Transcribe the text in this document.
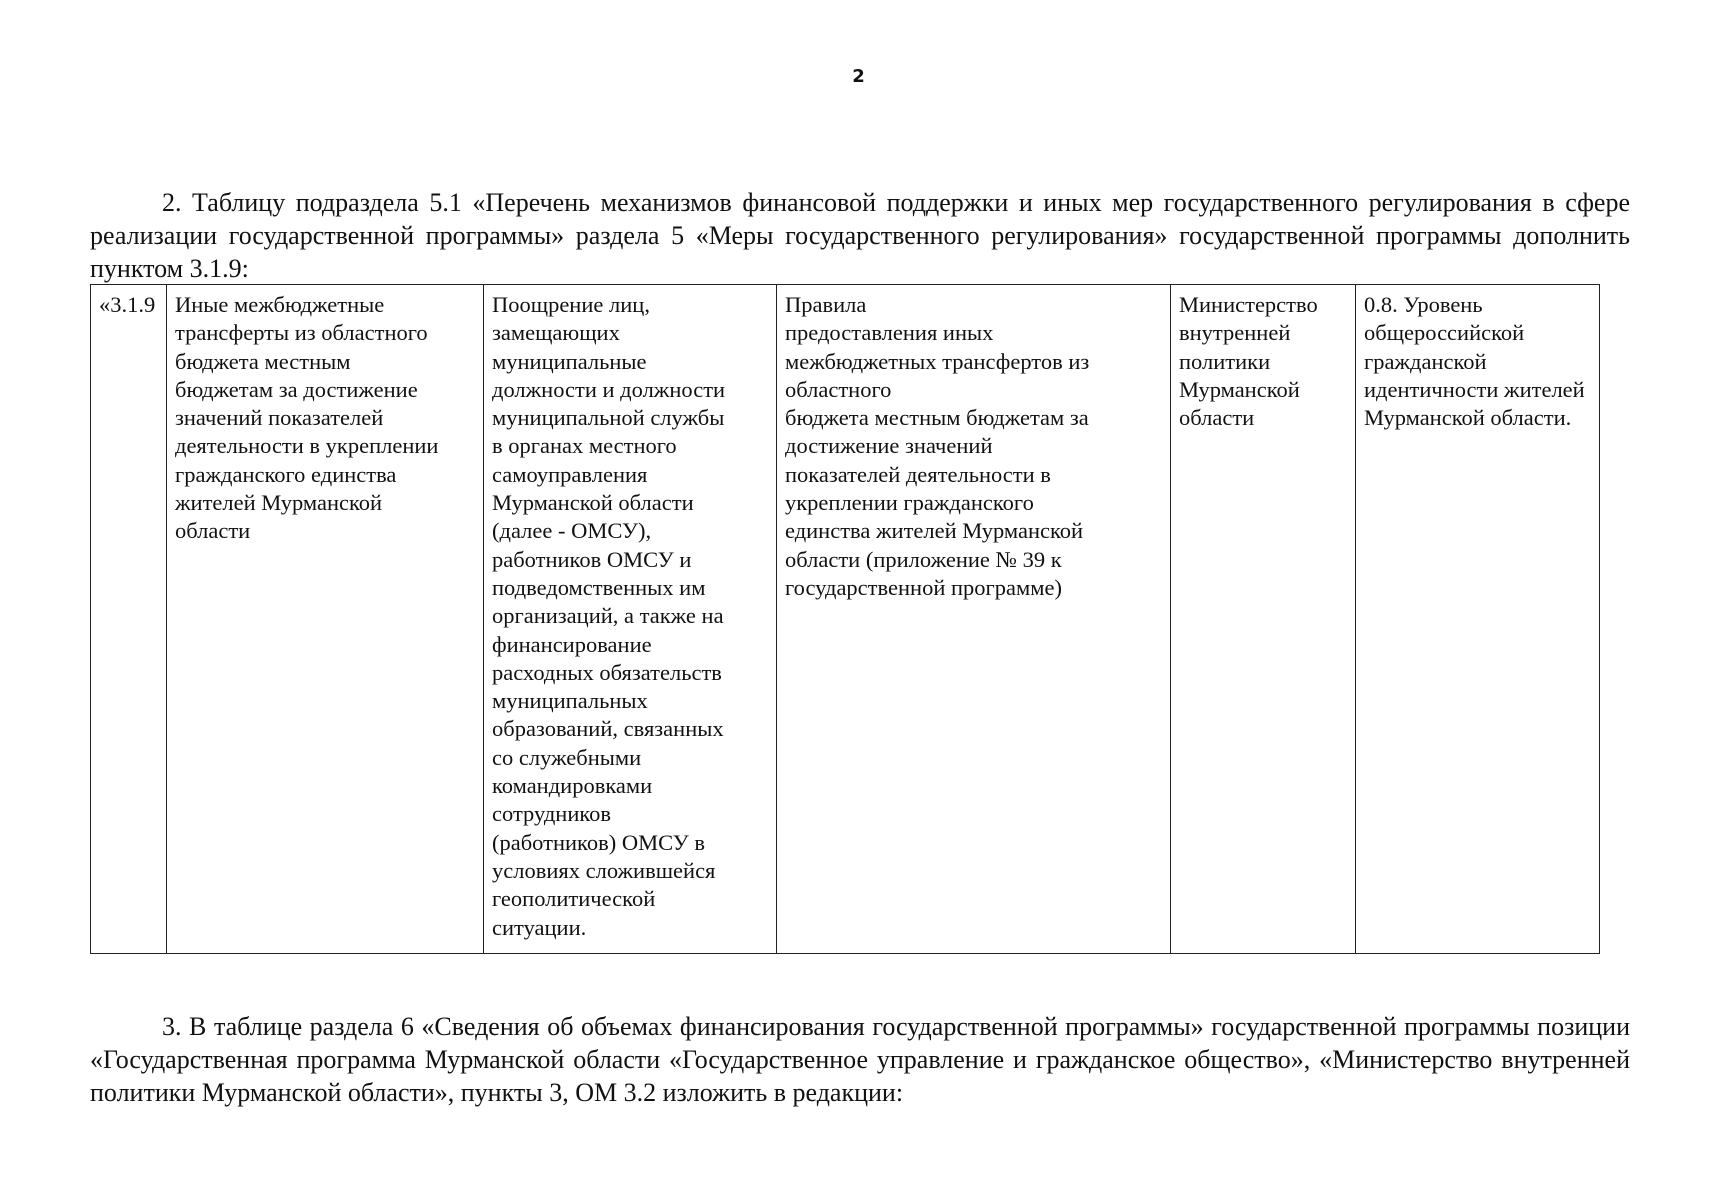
2

2. Таблицу подраздела 5.1 «Перечень механизмов финансовой поддержки и иных мер государственного регулирования в сфере реализации государственной программы» раздела 5 «Меры государственного регулирования» государственной программы дополнить пунктом 3.1.9:

«3.1.9	Иные межбюджетные
трансферты из областного
бюджета местным
бюджетам за достижение
значений показателей
деятельности в укреплении
гражданского единства
жителей Мурманской
области	Поощрение лиц,
замещающих
муниципальные
должности и должности
муниципальной службы
в органах местного
самоуправления
Мурманской области
(далее - ОМСУ),
работников ОМСУ и
подведомственных им
организаций, а также на
финансирование
расходных обязательств
муниципальных
образований, связанных
со служебными
командировками
сотрудников
(работников) ОМСУ в
условиях сложившейся
геополитической
ситуации.	Правила
предоставления иных
межбюджетных трансфертов из
областного
бюджета местным бюджетам за
достижение значений
показателей деятельности в
укреплении гражданского
единства жителей Мурманской
области (приложение № 39 к
государственной программе)	Министерство
внутренней
политики
Мурманской
области	0.8. Уровень
общероссийской
гражданской
идентичности жителей
Мурманской области.

3. В таблице раздела 6 «Сведения об объемах финансирования государственной программы» государственной программы позиции «Государственная программа Мурманской области «Государственное управление и гражданское общество», «Министерство внутренней политики Мурманской области», пункты 3, ОМ 3.2 изложить в редакции:
